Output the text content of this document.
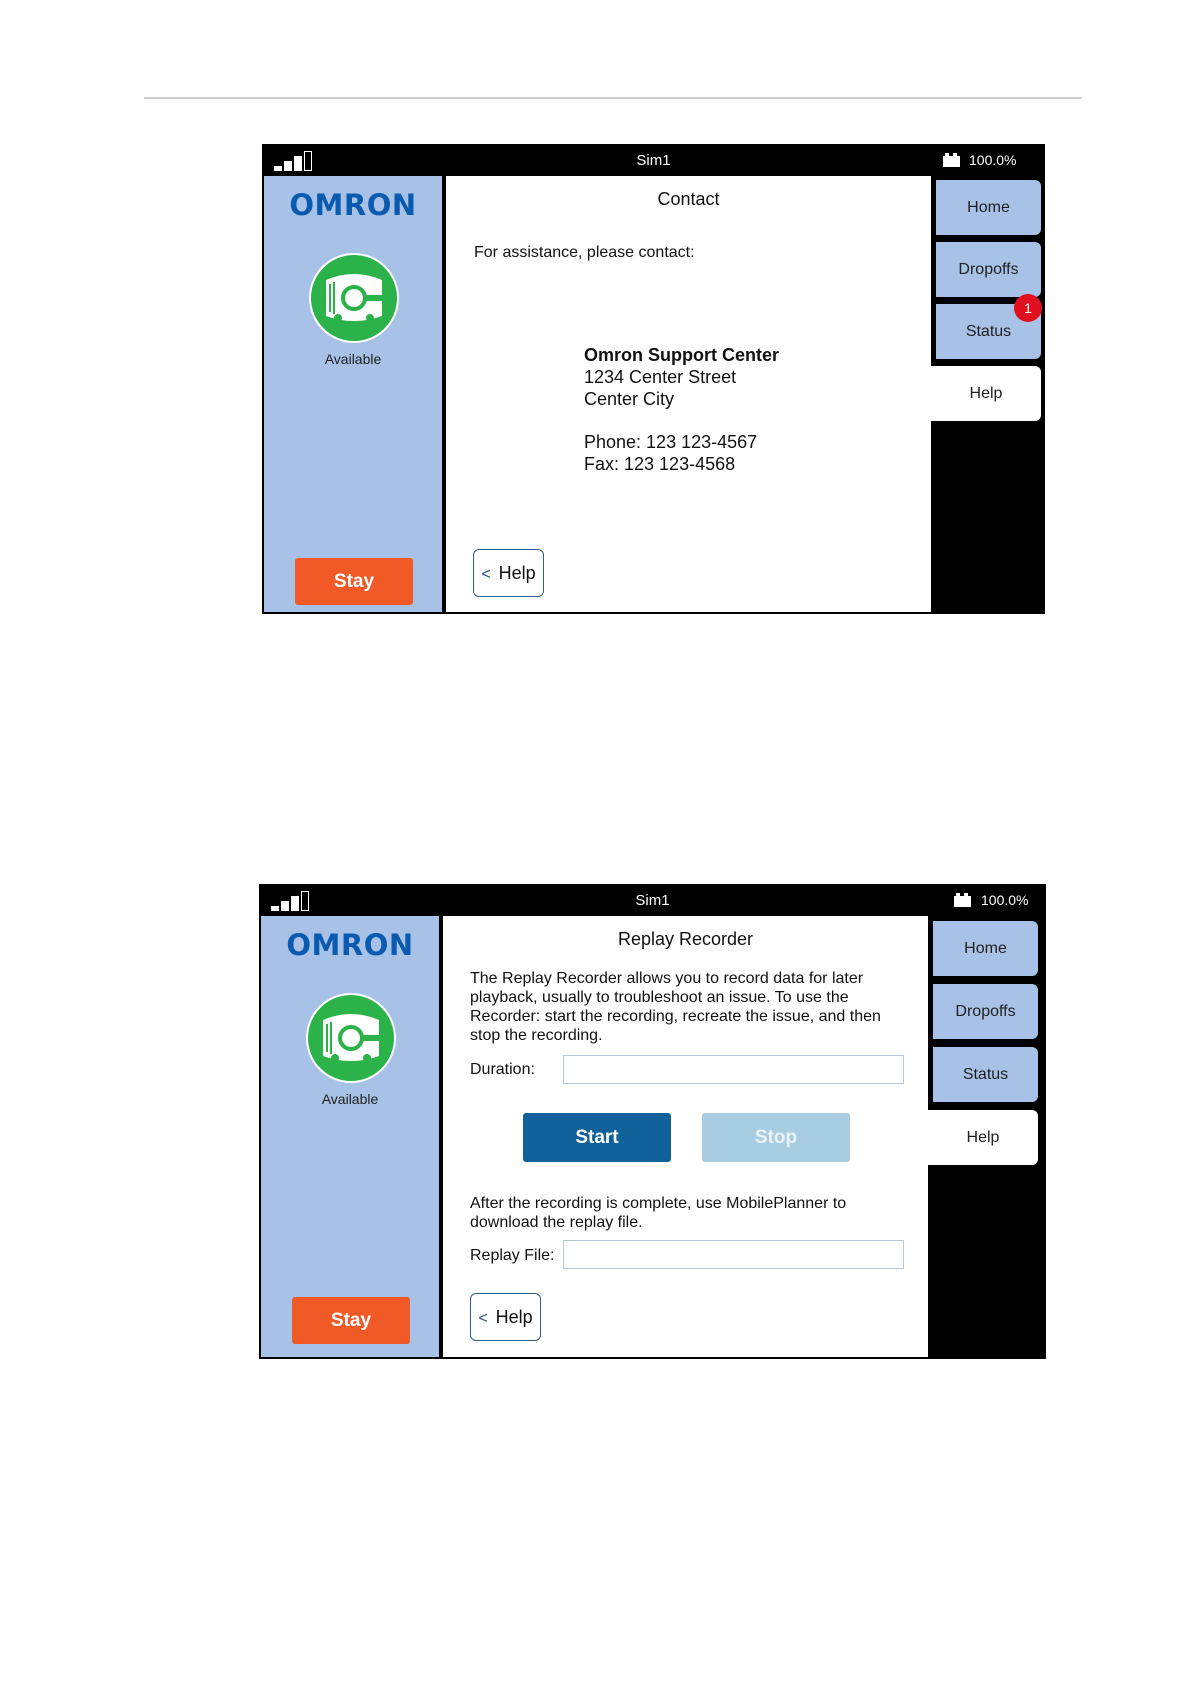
Sim1	100.0%
OMRON
Available
Stay
Contact
For assistance, please contact:
Omron Support Center
1234 Center Street
Center City
Phone: 123 123-4567
Fax: 123 123-4568
< Help
Home
Dropoffs
Status
Help
1
Sim1	100.0%
OMRON
Available
Stay
Replay Recorder
The Replay Recorder allows you to record data for later playback, usually to troubleshoot an issue. To use the Recorder: start the recording, recreate the issue, and then stop the recording.
Duration:
Start	Stop
After the recording is complete, use MobilePlanner to download the replay file.
Replay File:
< Help
Home
Dropoffs
Status
Help
